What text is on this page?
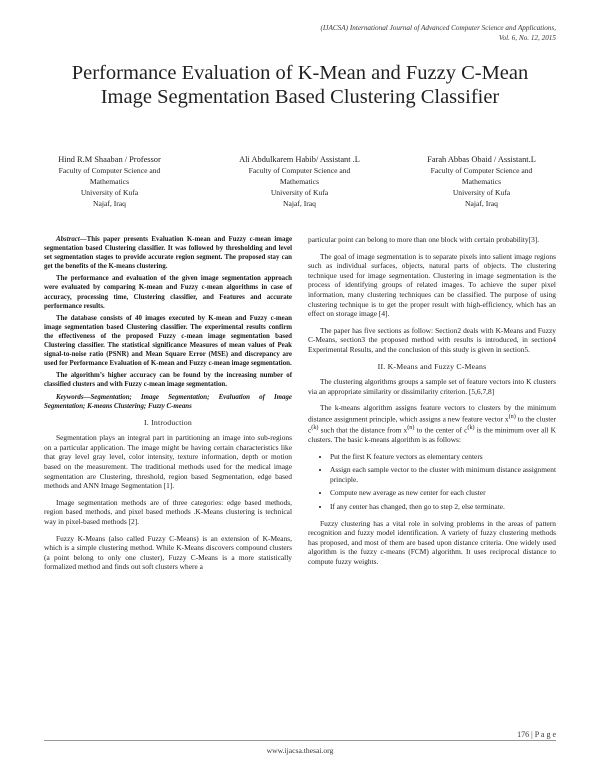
(IJACSA) International Journal of Advanced Computer Science and Applications,
Vol. 6, No. 12, 2015
Performance Evaluation of K-Mean and Fuzzy C-Mean Image Segmentation Based Clustering Classifier
Hind R.M Shaaban / Professor
Faculty of Computer Science and
Mathematics
University of Kufa
Najaf, Iraq
Ali Abdulkarem Habib/ Assistant .L
Faculty of Computer Science and
Mathematics
University of Kufa
Najaf, Iraq
Farah Abbas Obaid / Assistant.L
Faculty of Computer Science and
Mathematics
University of Kufa
Najaf, Iraq

Abstract—This paper presents Evaluation K-mean and Fuzzy c-mean image segmentation based Clustering classifier. It was followed by thresholding and level set segmentation stages to provide accurate region segment. The proposed stay can get the benefits of the K-means clustering.

The performance and evaluation of the given image segmentation approach were evaluated by comparing K-mean and Fuzzy c-mean algorithms in case of accuracy, processing time, Clustering classifier, and Features and accurate performance results.

The database consists of 40 images executed by K-mean and Fuzzy c-mean image segmentation based Clustering classifier. The experimental results confirm the effectiveness of the proposed Fuzzy c-mean image segmentation based Clustering classifier. The statistical significance Measures of mean values of Peak signal-to-noise ratio (PSNR) and Mean Square Error (MSE) and discrepancy are used for Performance Evaluation of K-mean and Fuzzy c-mean image segmentation.

The algorithm’s higher accuracy can be found by the increasing number of classified clusters and with Fuzzy c-mean image segmentation.

Keywords—Segmentation; Image Segmentation; Evaluation of Image Segmentation; K-means Clustering; Fuzzy C-means

I. Introduction

Segmentation plays an integral part in partitioning an image into sub-regions on a particular application. The image might be having certain characteristics like that gray level gray level, color intensity, texture information, depth or motion based on the measurement. The traditional methods used for the medical image segmentation are Clustering, threshold, region based Segmentation, edge based methods and ANN Image Segmentation [1].

Image segmentation methods are of three categories: edge based methods, region based methods, and pixel based methods .K-Means clustering is technical way in pixel-based methods [2].

Fuzzy K-Means (also called Fuzzy C-Means) is an extension of K-Means, which is a simple clustering method. While K-Means discovers compound clusters (a point belong to only one cluster), Fuzzy C-Means is a more statistically formalized method and finds out soft clusters where a

particular point can belong to more than one block with certain probability[3].

The goal of image segmentation is to separate pixels into salient image regions such as individual surfaces, objects, natural parts of objects. The clustering technique used for image segmentation. Clustering in image segmentation is the process of identifying groups of related images. To achieve the super pixel information, many clustering techniques can be classified. The purpose of using clustering technique is to get the proper result with high-efficiency, which has an effect on storage image [4].

The paper has five sections as follow: Section2 deals with K-Means and Fuzzy C-Means, section3 the proposed method with results is introduced, in section4 Experimental Results, and the conclusion of this study is given in section5.

II. K-Means and Fuzzy C-Means

The clustering algorithms groups a sample set of feature vectors into K clusters via an appropriate similarity or dissimilarity criterion. [5,6,7,8]

The k-means algorithm assigns feature vectors to clusters by the minimum distance assignment principle, which assigns a new feature vector $x^{(n)}$ to the cluster $c^{(k)}$ such that the distance from $x^{(n)}$ to the center of $c^{(k)}$ is the minimum over all K clusters. The basic k-means algorithm is as follows:

• Put the first K feature vectors as elementary centers
• Assign each sample vector to the cluster with minimum distance assignment principle.
• Compute new average as new center for each cluster
• If any center has changed, then go to step 2, else terminate.

Fuzzy clustering has a vital role in solving problems in the areas of pattern recognition and fuzzy model identification. A variety of fuzzy clustering methods has proposed, and most of them are based upon distance criteria. One widely used algorithm is the fuzzy c-means (FCM) algorithm. It uses reciprocal distance to compute fuzzy weights.

176 | P a g e
www.ijacsa.thesai.org
